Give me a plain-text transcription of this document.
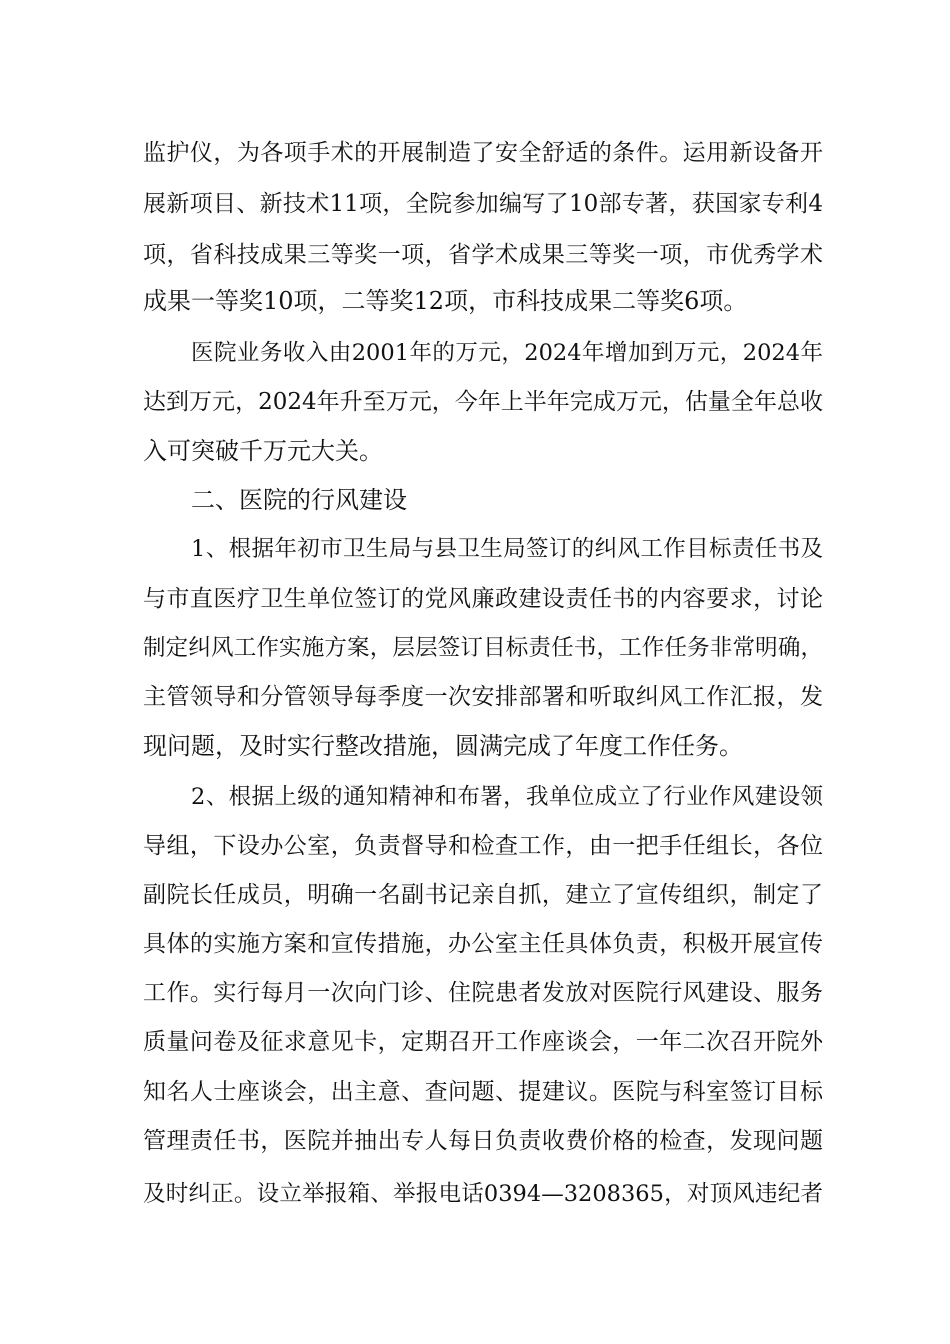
监护仪，为各项手术的开展制造了安全舒适的条件。运用新设备开
展新项目、新技术11项，全院参加编写了10部专著，获国家专利4
项，省科技成果三等奖一项，省学术成果三等奖一项，市优秀学术
成果一等奖10项，二等奖12项，市科技成果二等奖6项。
医院业务收入由2001年的万元，2024年增加到万元，2024年
达到万元，2024年升至万元，今年上半年完成万元，估量全年总收
入可突破千万元大关。
二、医院的行风建设
1、根据年初市卫生局与县卫生局签订的纠风工作目标责任书及
与市直医疗卫生单位签订的党风廉政建设责任书的内容要求，讨论
制定纠风工作实施方案，层层签订目标责任书，工作任务非常明确，
主管领导和分管领导每季度一次安排部署和听取纠风工作汇报，发
现问题，及时实行整改措施，圆满完成了年度工作任务。
2、根据上级的通知精神和布署，我单位成立了行业作风建设领
导组，下设办公室，负责督导和检查工作，由一把手任组长，各位
副院长任成员，明确一名副书记亲自抓，建立了宣传组织，制定了
具体的实施方案和宣传措施，办公室主任具体负责，积极开展宣传
工作。实行每月一次向门诊、住院患者发放对医院行风建设、服务
质量问卷及征求意见卡，定期召开工作座谈会，一年二次召开院外
知名人士座谈会，出主意、查问题、提建议。医院与科室签订目标
管理责任书，医院并抽出专人每日负责收费价格的检查，发现问题
及时纠正。设立举报箱、举报电话0394—3208365，对顶风违纪者
